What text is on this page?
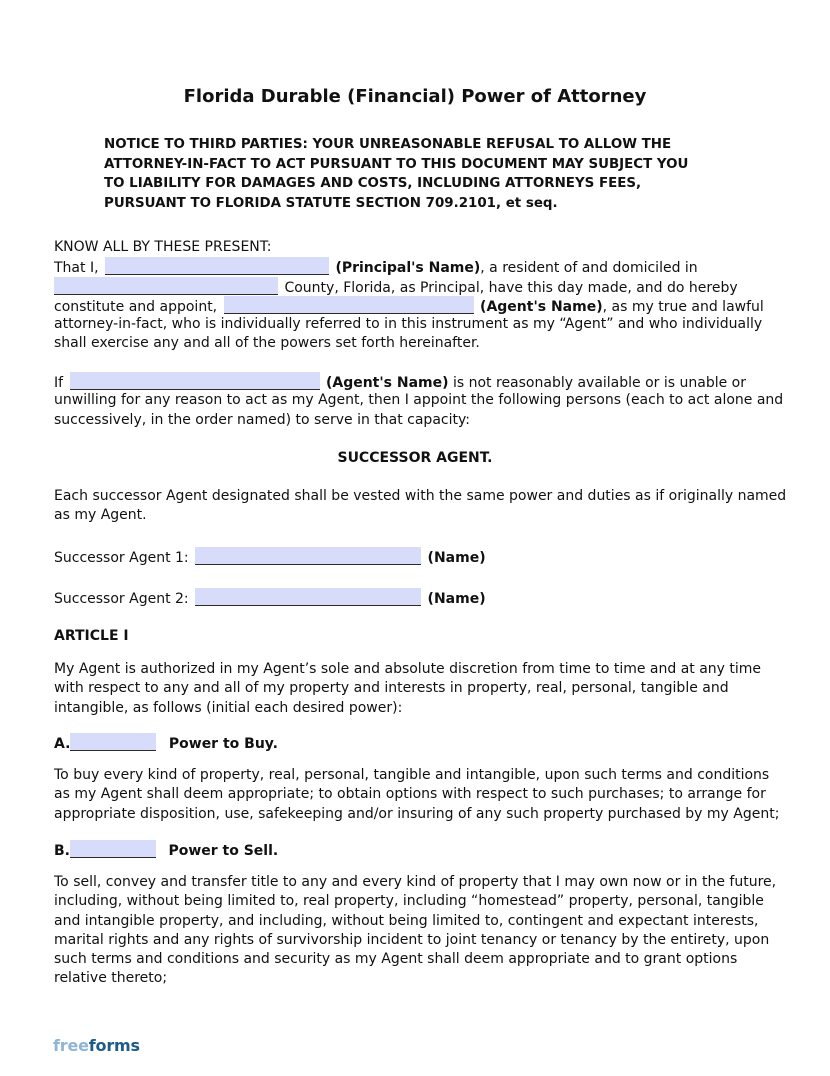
Florida Durable (Financial) Power of Attorney
NOTICE TO THIRD PARTIES: YOUR UNREASONABLE REFUSAL TO ALLOW THE
ATTORNEY-IN-FACT TO ACT PURSUANT TO THIS DOCUMENT MAY SUBJECT YOU
TO LIABILITY FOR DAMAGES AND COSTS, INCLUDING ATTORNEYS FEES,
PURSUANT TO FLORIDA STATUTE SECTION 709.2101, et seq.
KNOW ALL BY THESE PRESENT:
That I,	(Principal's Name), a resident of and domiciled in
County, Florida, as Principal, have this day made, and do hereby
constitute and appoint,	(Agent's Name), as my true and lawful
attorney-in-fact, who is individually referred to in this instrument as my “Agent” and who individually
shall exercise any and all of the powers set forth hereinafter.
If	(Agent's Name) is not reasonably available or is unable or
unwilling for any reason to act as my Agent, then I appoint the following persons (each to act alone and
successively, in the order named) to serve in that capacity:
SUCCESSOR AGENT.
Each successor Agent designated shall be vested with the same power and duties as if originally named
as my Agent.
Successor Agent 1:	(Name)
Successor Agent 2:	(Name)
ARTICLE I
My Agent is authorized in my Agent’s sole and absolute discretion from time to time and at any time
with respect to any and all of my property and interests in property, real, personal, tangible and
intangible, as follows (initial each desired power):
A.	Power to Buy.
To buy every kind of property, real, personal, tangible and intangible, upon such terms and conditions
as my Agent shall deem appropriate; to obtain options with respect to such purchases; to arrange for
appropriate disposition, use, safekeeping and/or insuring of any such property purchased by my Agent;
B.	Power to Sell.
To sell, convey and transfer title to any and every kind of property that I may own now or in the future,
including, without being limited to, real property, including “homestead” property, personal, tangible
and intangible property, and including, without being limited to, contingent and expectant interests,
marital rights and any rights of survivorship incident to joint tenancy or tenancy by the entirety, upon
such terms and conditions and security as my Agent shall deem appropriate and to grant options
relative thereto;
freeforms
